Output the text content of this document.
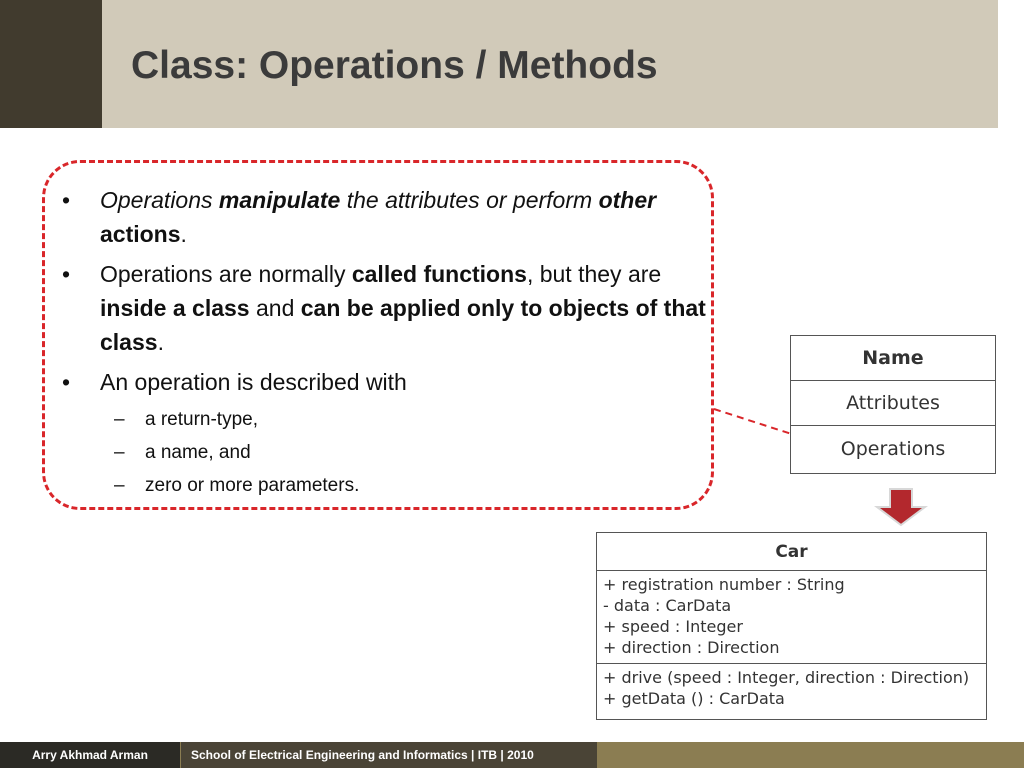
Class: Operations / Methods
• Operations manipulate the attributes or perform other actions.
• Operations are normally called functions, but they are inside a class and can be applied only to objects of that class.
• An operation is described with
– a return-type,
– a name, and
– zero or more parameters.
Name
Attributes
Operations
Car
+ registration number : String
- data : CarData
+ speed : Integer
+ direction : Direction
+ drive (speed : Integer, direction : Direction)
+ getData () : CarData
Arry Akhmad Arman	School of Electrical Engineering and Informatics | ITB | 2010
